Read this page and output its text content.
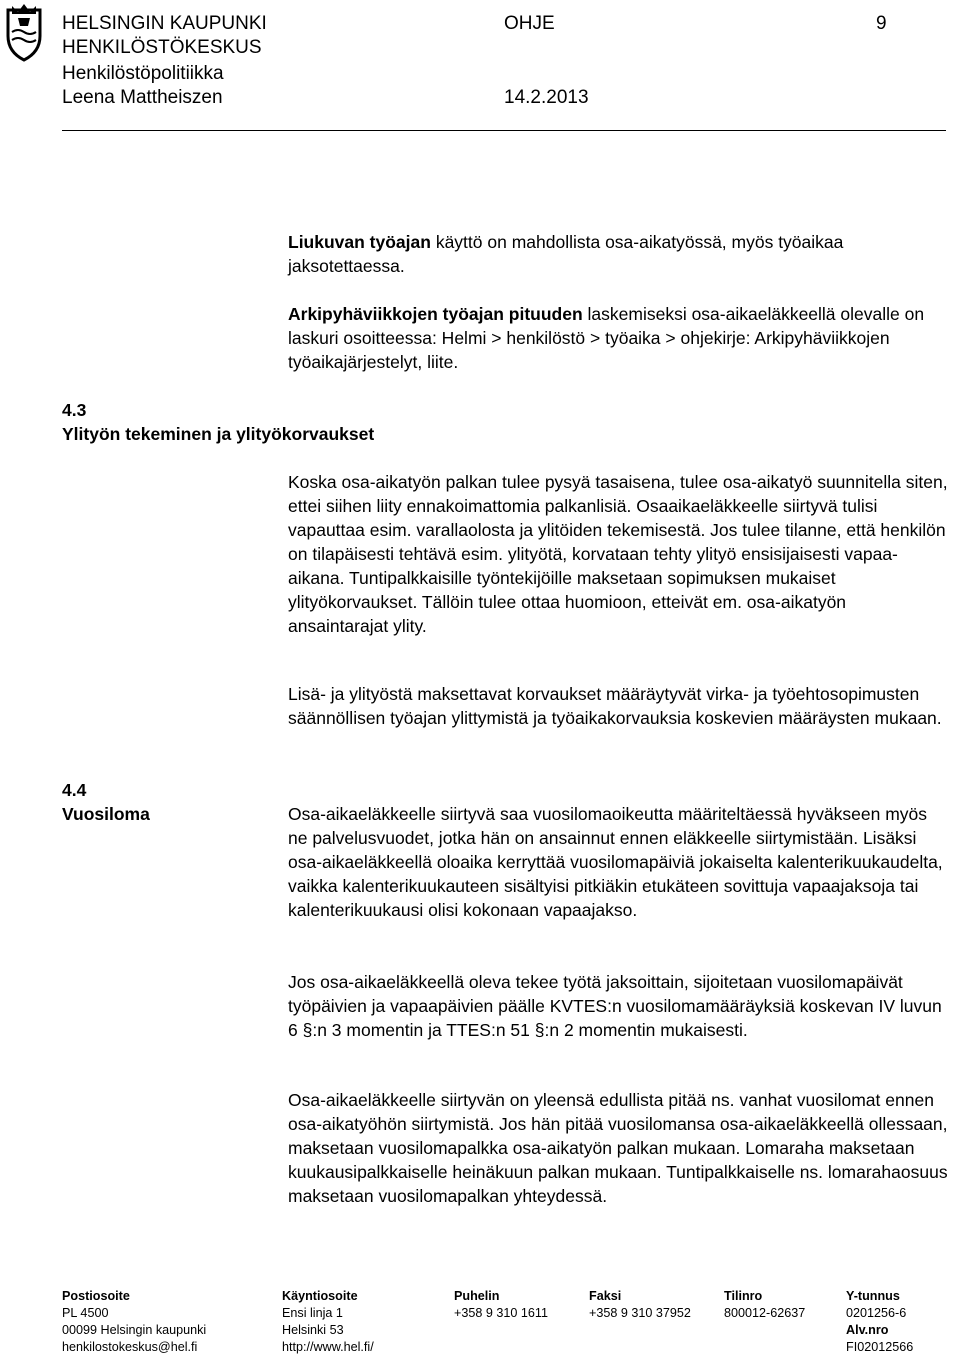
HELSINGIN KAUPUNKI
HENKILÖSTÖKESKUS
Henkilöstöpolitiikka
Leena Mattheiszen
OHJE	9
14.2.2013

Liukuvan työajan käyttö on mahdollista osa-aikatyössä, myös työaikaa jaksotettaessa.

Arkipyhäviikkojen työajan pituuden laskemiseksi osa-aikaeläkkeellä olevalle on laskuri osoitteessa: Helmi > henkilöstö > työaika > ohjekirje: Arkipyhäviikkojen työaikajärjestelyt, liite.

4.3
Ylityön tekeminen ja ylityökorvaukset

Koska osa-aikatyön palkan tulee pysyä tasaisena, tulee osa-aikatyö suunnitella siten, ettei siihen liity ennakoimattomia palkanlisiä. Osaaikaeläkkeelle siirtyvä tulisi vapauttaa esim. varallaolosta ja ylitöiden tekemisestä. Jos tulee tilanne, että henkilön on tilapäisesti tehtävä esim. ylityötä, korvataan tehty ylityö ensisijaisesti vapaa-aikana. Tuntipalkkaisille työntekijöille maksetaan sopimuksen mukaiset ylityökorvaukset. Tällöin tulee ottaa huomioon, etteivät em. osa-aikatyön ansaintarajat ylity.

Lisä- ja ylityöstä maksettavat korvaukset määräytyvät virka- ja työehtosopimusten säännöllisen työajan ylittymistä ja työaikakorvauksia koskevien määräysten mukaan.

4.4
Vuosiloma	Osa-aikaeläkkeelle siirtyvä saa vuosilomaoikeutta määriteltäessä hyväkseen myös ne palvelusvuodet, jotka hän on ansainnut ennen eläkkeelle siirtymistään. Lisäksi osa-aikaeläkkeellä oloaika kerryttää vuosilomapäiviä jokaiselta kalenterikuukaudelta, vaikka kalenterikuukauteen sisältyisi pitkiäkin etukäteen sovittuja vapaajaksoja tai kalenterikuukausi olisi kokonaan vapaajakso.

Jos osa-aikaeläkkeellä oleva tekee työtä jaksoittain, sijoitetaan vuosilomapäivät työpäivien ja vapaapäivien päälle KVTES:n vuosilomamääräyksiä koskevan IV luvun 6 §:n 3 momentin ja TTES:n 51 §:n 2 momentin mukaisesti.

Osa-aikaeläkkeelle siirtyvän on yleensä edullista pitää ns. vanhat vuosilomat ennen osa-aikatyöhön siirtymistä. Jos hän pitää vuosilomansa osa-aikaeläkkeellä ollessaan, maksetaan vuosilomapalkka osa-aikatyön palkan mukaan. Lomaraha maksetaan kuukausipalkkaiselle heinäkuun palkan mukaan. Tuntipalkkaiselle ns. lomarahaosuus maksetaan vuosilomapalkan yhteydessä.

Postiosoite
PL 4500
00099 Helsingin kaupunki
henkilostokeskus@hel.fi
Käyntiosoite
Ensi linja 1
Helsinki 53
http://www.hel.fi/
Puhelin
+358 9 310 1611
Faksi
+358 9 310 37952
Tilinro
800012-62637
Y-tunnus
0201256-6
Alv.nro
FI02012566
